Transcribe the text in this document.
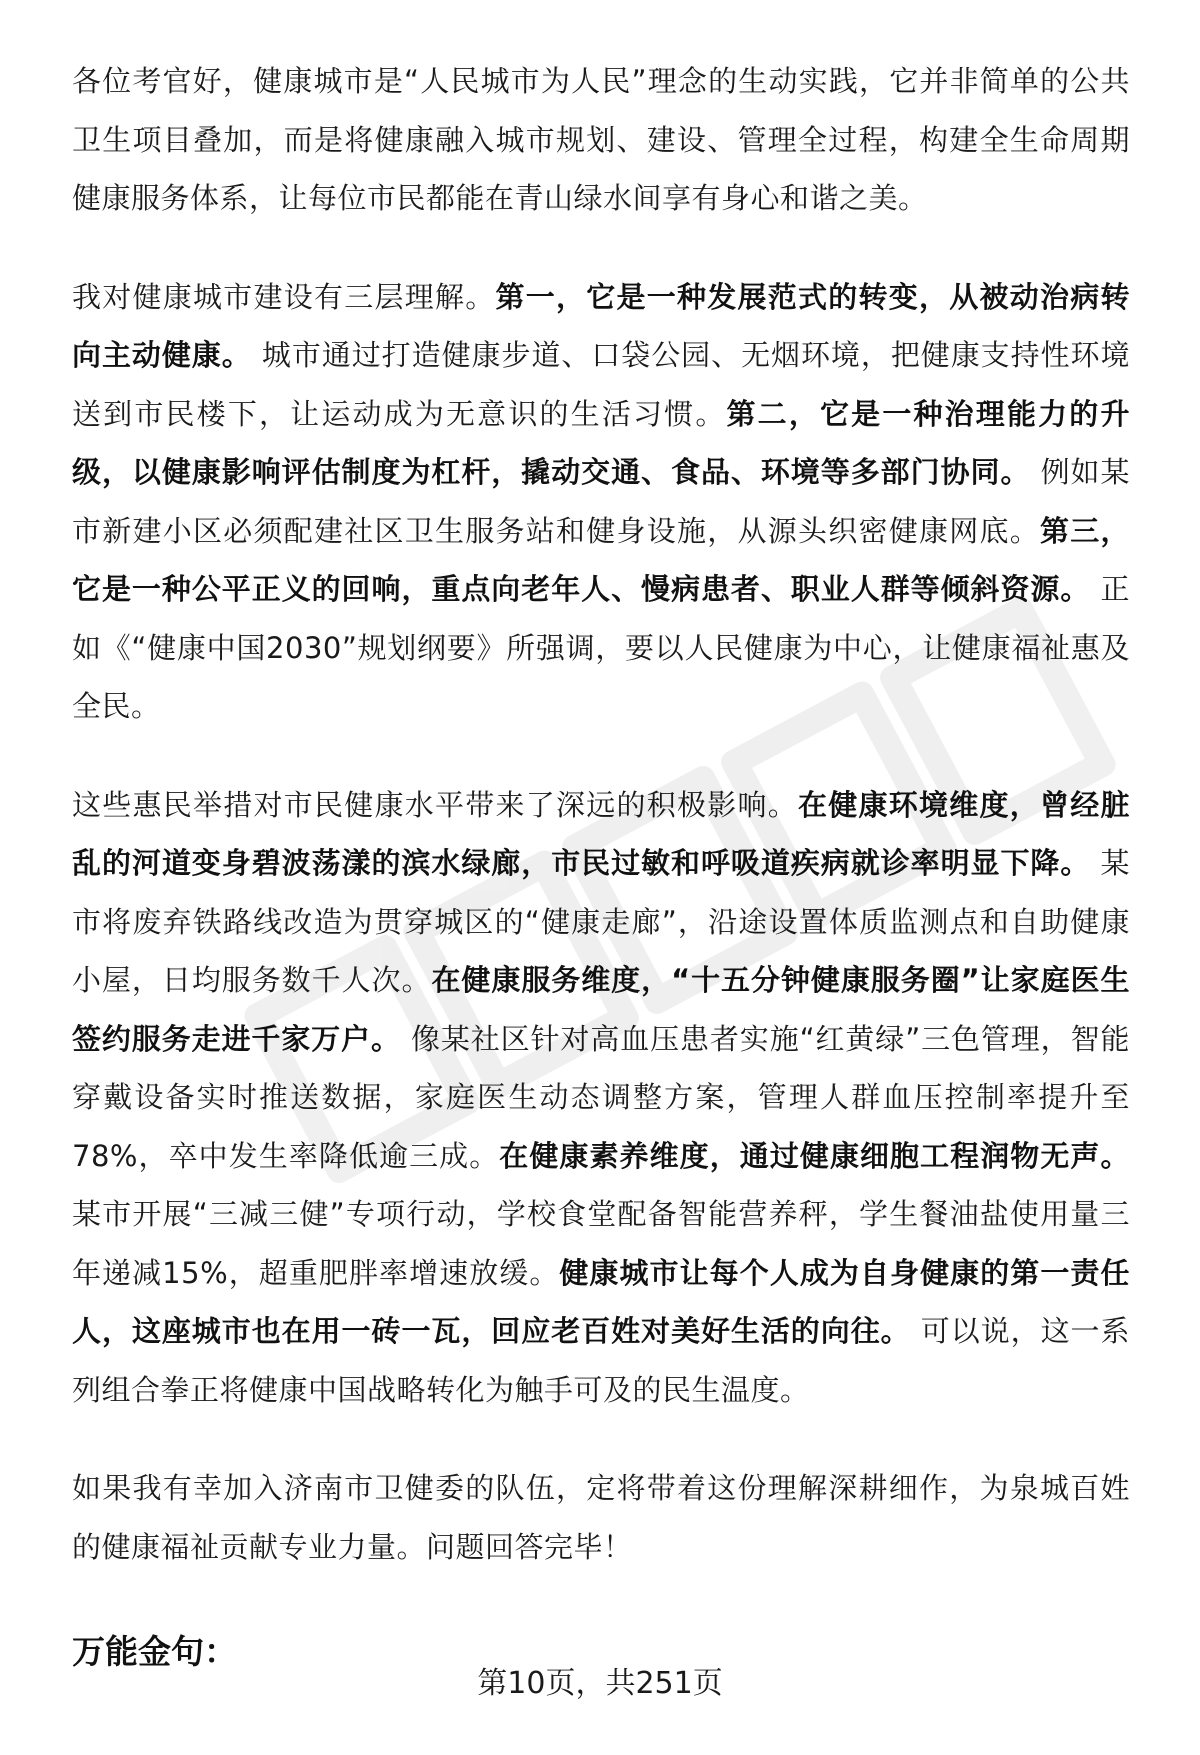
各位考官好，健康城市是“人民城市为人民”理念的生动实践，它并非简单的公共卫生项目叠加，而是将健康融入城市规划、建设、管理全过程，构建全生命周期健康服务体系，让每位市民都能在青山绿水间享有身心和谐之美。

我对健康城市建设有三层理解。第一，它是一种发展范式的转变，从被动治病转向主动健康。 城市通过打造健康步道、口袋公园、无烟环境，把健康支持性环境送到市民楼下，让运动成为无意识的生活习惯。第二，它是一种治理能力的升级，以健康影响评估制度为杠杆，撬动交通、食品、环境等多部门协同。 例如某市新建小区必须配建社区卫生服务站和健身设施，从源头织密健康网底。第三，它是一种公平正义的回响，重点向老年人、慢病患者、职业人群等倾斜资源。 正如《“健康中国2030”规划纲要》所强调，要以人民健康为中心，让健康福祉惠及全民。

这些惠民举措对市民健康水平带来了深远的积极影响。在健康环境维度，曾经脏乱的河道变身碧波荡漾的滨水绿廊，市民过敏和呼吸道疾病就诊率明显下降。 某市将废弃铁路线改造为贯穿城区的“健康走廊”，沿途设置体质监测点和自助健康小屋，日均服务数千人次。在健康服务维度，“十五分钟健康服务圈”让家庭医生签约服务走进千家万户。 像某社区针对高血压患者实施“红黄绿”三色管理，智能穿戴设备实时推送数据，家庭医生动态调整方案，管理人群血压控制率提升至78%，卒中发生率降低逾三成。在健康素养维度，通过健康细胞工程润物无声。 某市开展“三减三健”专项行动，学校食堂配备智能营养秤，学生餐油盐使用量三年递减15%，超重肥胖率增速放缓。健康城市让每个人成为自身健康的第一责任人，这座城市也在用一砖一瓦，回应老百姓对美好生活的向往。 可以说，这一系列组合拳正将健康中国战略转化为触手可及的民生温度。

如果我有幸加入济南市卫健委的队伍，定将带着这份理解深耕细作，为泉城百姓的健康福祉贡献专业力量。问题回答完毕！

万能金句：
第10页，共251页
